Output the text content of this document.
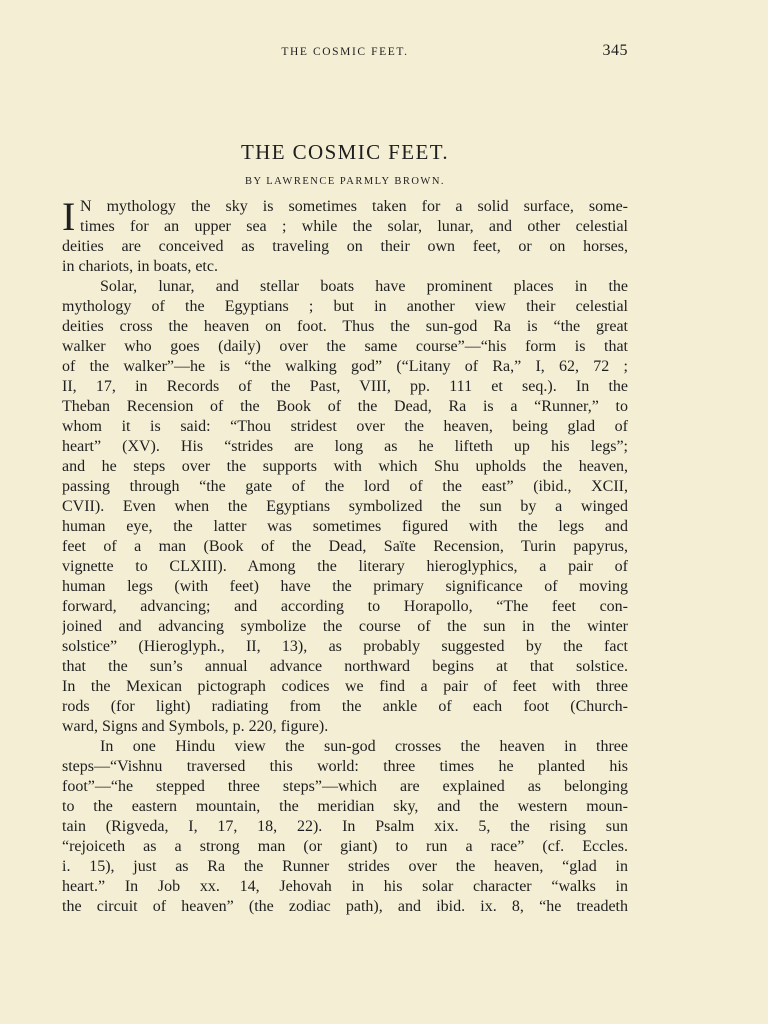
THE COSMIC FEET.	345
THE COSMIC FEET.
BY LAWRENCE PARMLY BROWN.
I N mythology the sky is sometimes taken for a solid surface, some-
times for an upper sea ; while the solar, lunar, and other celestial
deities are conceived as traveling on their own feet, or on horses,
in chariots, in boats, etc.
Solar, lunar, and stellar boats have prominent places in the
mythology of the Egyptians ; but in another view their celestial
deities cross the heaven on foot. Thus the sun-god Ra is “the great
walker who goes (daily) over the same course”—“his form is that
of the walker”—he is “the walking god” (“Litany of Ra,” I, 62, 72 ;
II, 17, in Records of the Past, VIII, pp. 111 et seq.). In the
Theban Recension of the Book of the Dead, Ra is a “Runner,” to
whom it is said: “Thou stridest over the heaven, being glad of
heart” (XV). His “strides are long as he lifteth up his legs”;
and he steps over the supports with which Shu upholds the heaven,
passing through “the gate of the lord of the east” (ibid., XCII,
CVII). Even when the Egyptians symbolized the sun by a winged
human eye, the latter was sometimes figured with the legs and
feet of a man (Book of the Dead, Saïte Recension, Turin papyrus,
vignette to CLXIII). Among the literary hieroglyphics, a pair of
human legs (with feet) have the primary significance of moving
forward, advancing; and according to Horapollo, “The feet con-
joined and advancing symbolize the course of the sun in the winter
solstice” (Hieroglyph., II, 13), as probably suggested by the fact
that the sun’s annual advance northward begins at that solstice.
In the Mexican pictograph codices we find a pair of feet with three
rods (for light) radiating from the ankle of each foot (Church-
ward, Signs and Symbols, p. 220, figure).
In one Hindu view the sun-god crosses the heaven in three
steps—“Vishnu traversed this world: three times he planted his
foot”—“he stepped three steps”—which are explained as belonging
to the eastern mountain, the meridian sky, and the western moun-
tain (Rigveda, I, 17, 18, 22). In Psalm xix. 5, the rising sun
“rejoiceth as a strong man (or giant) to run a race” (cf. Eccles.
i. 15), just as Ra the Runner strides over the heaven, “glad in
heart.” In Job xx. 14, Jehovah in his solar character “walks in
the circuit of heaven” (the zodiac path), and ibid. ix. 8, “he treadeth
